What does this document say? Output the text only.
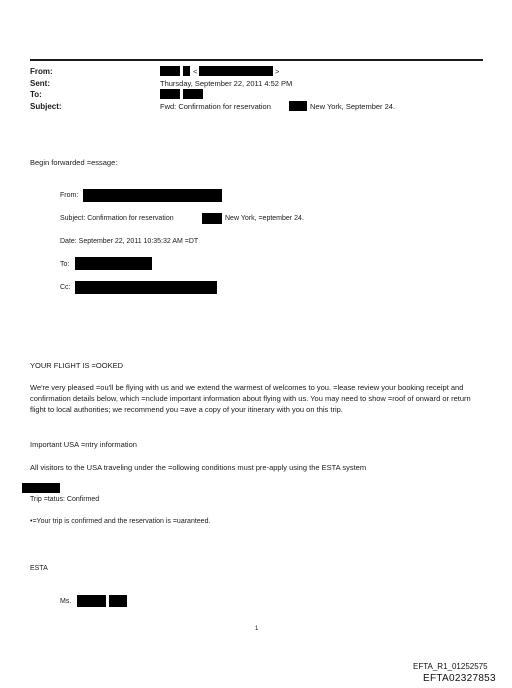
From:	<	>
Sent:	Thursday, September 22, 2011 4:52 PM
To:
Subject:	Fwd: Confirmation for reservation	New York, September 24.
Begin forwarded =essage:
From:
Subject: Confirmation for reservation	New York, =eptember 24.
Date: September 22, 2011 10:35:32 AM =DT
To:
Cc:
YOUR FLIGHT IS =OOKED
We're very pleased =ou'll be flying with us and we extend the warmest of welcomes to you. =lease review your booking receipt and confirmation details below, which =nclude important information about flying with us. You may need to show =roof of onward or return flight to local authorities; we recommend you =ave a copy of your itinerary with you on this trip.
Important USA =ntry information
All visitors to the USA traveling under the =ollowing conditions must pre-apply using the ESTA system
Trip =tatus: Confirmed
•=Your trip is confirmed and the reservation is =uaranteed.
ESTA
Ms.
1
EFTA_R1_01252575
EFTA02327853
